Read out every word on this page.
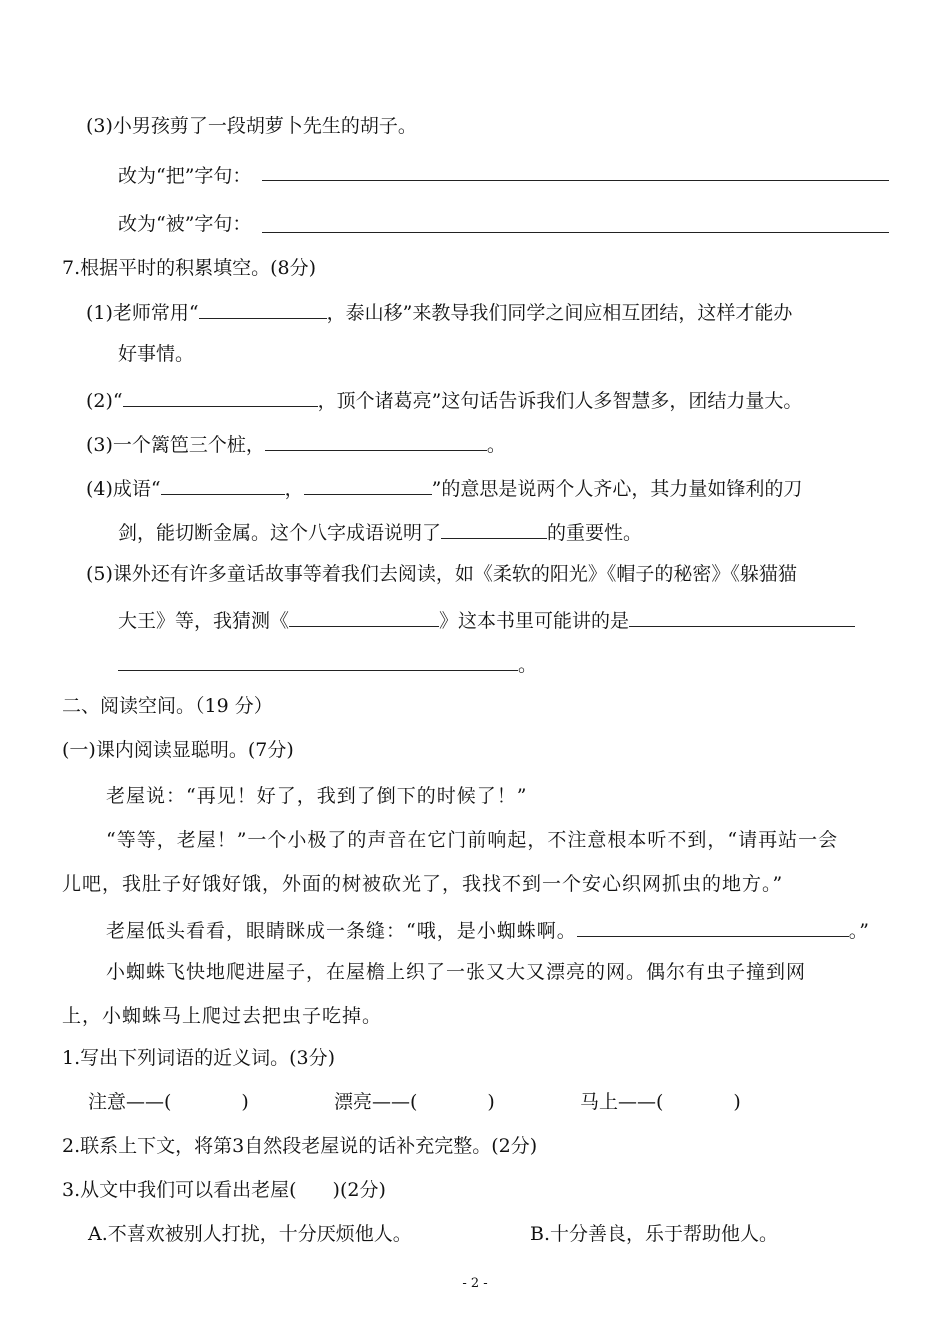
(3)小男孩剪了一段胡萝卜先生的胡子。
改为“把”字句：
改为“被”字句：
7.根据平时的积累填空。(8分)
(1)老师常用“	，泰山移”来教导我们同学之间应相互团结，这样才能办
好事情。
(2)“	，顶个诸葛亮”这句话告诉我们人多智慧多，团结力量大。
(3)一个篱笆三个桩，	。
(4)成语“	，	”的意思是说两个人齐心，其力量如锋利的刀
剑，能切断金属。这个八字成语说明了	的重要性。
(5)课外还有许多童话故事等着我们去阅读，如《柔软的阳光》《帽子的秘密》《躲猫猫
大王》等，我猜测《	》这本书里可能讲的是
。
二、阅读空间。（19 分）
(一)课内阅读显聪明。(7分)
老屋说：“再见！好了，我到了倒下的时候了！”
“等等，老屋！”一个小极了的声音在它门前响起，不注意根本听不到，“请再站一会
儿吧，我肚子好饿好饿，外面的树被砍光了，我找不到一个安心织网抓虫的地方。”
老屋低头看看，眼睛眯成一条缝：“哦，是小蜘蛛啊。	。”
小蜘蛛飞快地爬进屋子，在屋檐上织了一张又大又漂亮的网。偶尔有虫子撞到网
上，小蜘蛛马上爬过去把虫子吃掉。
1.写出下列词语的近义词。(3分)
注意——(	)	漂亮——(	)	马上——(	)
2.联系上下文，将第3自然段老屋说的话补充完整。(2分)
3.从文中我们可以看出老屋( )(2分)
A.不喜欢被别人打扰，十分厌烦他人。	B.十分善良，乐于帮助他人。
- 2 -
